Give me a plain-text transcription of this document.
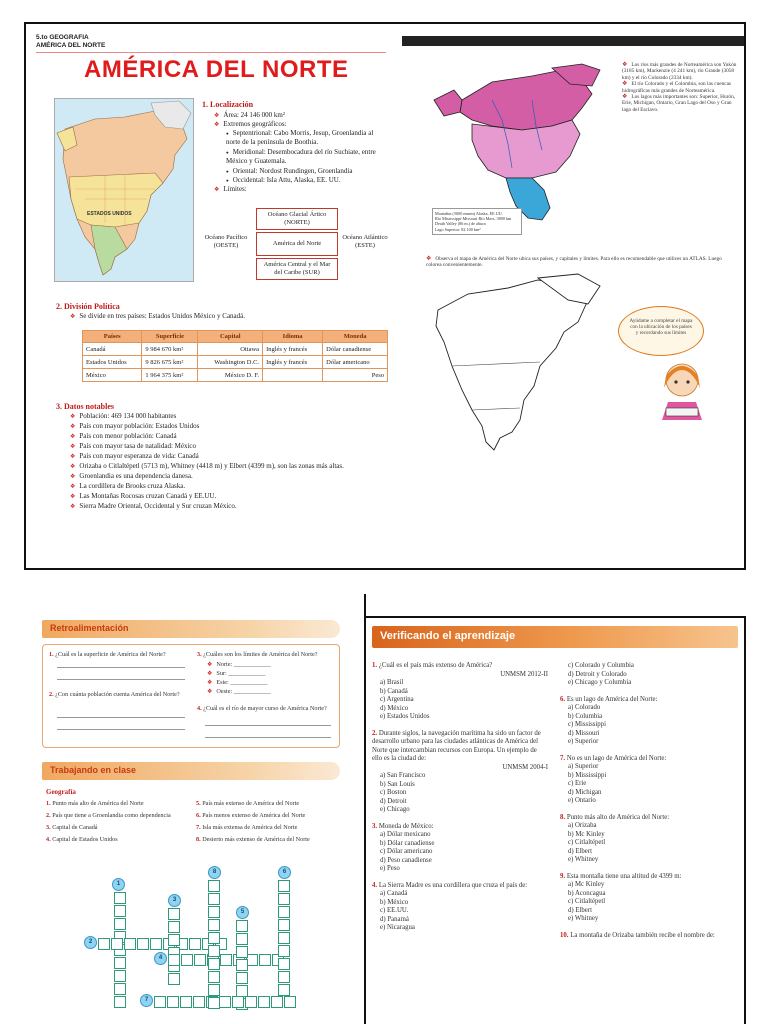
5.to GEOGRAFIA
AMÉRICA DEL NORTE
AMÉRICA DEL NORTE
ESTADOS UNIDOS
1. Localización
❖ Área: 24 146 000 km²
❖ Extremos geográficos:
● Septentrional: Cabo Morris, Jesup, Groenlandia al norte de la península de Boothia.
● Meridional: Desembocadura del río Suchiate, entre México y Guatemala.
● Oriental: Nordost Rundingen, Groenlandia
● Occidental: Isla Attu, Alaska, EE. UU.
❖ Límites:
Océano Glacial Ártico (NORTE)
Océano Pacífico (OESTE)	América del Norte
Océano Atlántico (ESTE)
América Central y el Mar del Caribe (SUR)
2. División Política
❖ Se divide en tres países: Estados Unidos México y Canadá.
Países	Superficie	Capital	Idioma	Moneda
Canadá	9 984 670 km²	Ottawa	Inglés y francés	Dólar canadiense
Estados Unidos	9 826 675 km²	Washington D.C.	Inglés y francés	Dólar americano
México	1 964 375 km²	México D. F.		Peso
3. Datos notables
❖ Población: 469 134 000 habitantes
❖ País con mayor población: Estados Unidos
❖ País con menor población: Canadá
❖ País con mayor tasa de natalidad: México
❖ País con mayor esperanza de vida: Canadá
❖ Orizaba o Citlaltépetl (5713 m), Whitney (4418 m) y Elbert (4399 m), son las zonas más altas.
❖ Groenlandia es una dependencia danesa.
❖ La cordillera de Brooks cruza Alaska.
❖ Las Montañas Rocosas cruzan Canadá y EE.UU.
❖ Sierra Madre Oriental, Occidental y Sur cruzan México.
❖ Los ríos más grandes de Norteamérica son Yukón (3185 km), Mackenzie (4 241 km), río Grande (3058 km) y el río Colorado (2334 km).
❖ El río Colorado y el Colombia, son las cuencas hidrográficas más grandes de Norteamérica.
❖ Los lagos más importantes son: Superior, Hurón, Erie, Michigan, Ontario, Gran Lago del Oso y Gran lago del Esclavo.
Montañas (5000 msnm) Alaska, EE.UU.
Río Mississippi-Missouri Río Mass. 3800 km
Death Valley (86 m.) de altura
Lago Superior: 82 100 km²
❖ Observa el mapa de América del Norte ubica sus países, y capitales y límites. Para ello es recomendable que utilices un ATLAS. Luego colorea convenientemente.
Ayúdame a completar el mapa con la ubicación de los países y recordando sus límites
Retroalimentación
1. ¿Cuál es la superficie de América del Norte?
2. ¿Con cuánta población cuenta América del Norte?
3. ¿Cuáles son los límites de América del Norte?
❖ Norte: ____________
❖ Sur: ____________
❖ Este: ____________
❖ Oeste: ____________
4. ¿Cuál es el río de mayor curso de América Norte?
Trabajando en clase
Geografía
1. Punto más alto de América del Norte
2. País que tiene a Groenlandia como dependencia
3. Capital de Canadá
4. Capital de Estados Unidos
5. País más extenso de América del Norte
6. País menos extenso de América del Norte
7. Isla más extensa de América del Norte
8. Desierto más extenso de América del Norte
1
2
3
4
5
6
7
8
Verificando el aprendizaje
1. ¿Cuál es el país más extenso de América?
UNMSM 2012-II
a) Brasil
b) Canadá
c) Argentina
d) México
e) Estados Unidos
2. Durante siglos, la navegación marítima ha sido un factor de desarrollo urbano para las ciudades atlánticas de América del Norte que intercambian recursos con Europa. Un ejemplo de ello es la ciudad de:
UNMSM 2004-I
a) San Francisco
b) San Louis
c) Boston
d) Detroit
e) Chicago
3. Moneda de México:
a) Dólar mexicano
b) Dólar canadiense
c) Dólar americano
d) Peso canadiense
e) Peso
4. La Sierra Madre es una cordillera que cruza el país de:
a) Canadá
b) México
c) EE.UU.
d) Panamá
e) Nicaragua
c) Colorado y Columbia
d) Detroit y Colorado
e) Chicago y Columbia
6. Es un lago de América del Norte:
a) Colorado
b) Columbia
c) Mississippi
d) Missouri
e) Superior
7. No es un lago de América del Norte:
a) Superior
b) Mississippi
c) Erie
d) Michigan
e) Ontario
8. Punto más alto de América del Norte:
a) Orizaba
b) Mc Kinley
c) Citlaltépetl
d) Elbert
e) Whitney
9. Esta montaña tiene una altitud de 4399 m:
a) Mc Kinley
b) Aconcagua
c) Citlaltépetl
d) Elbert
e) Whitney
10. La montaña de Orizaba también recibe el nombre de:
